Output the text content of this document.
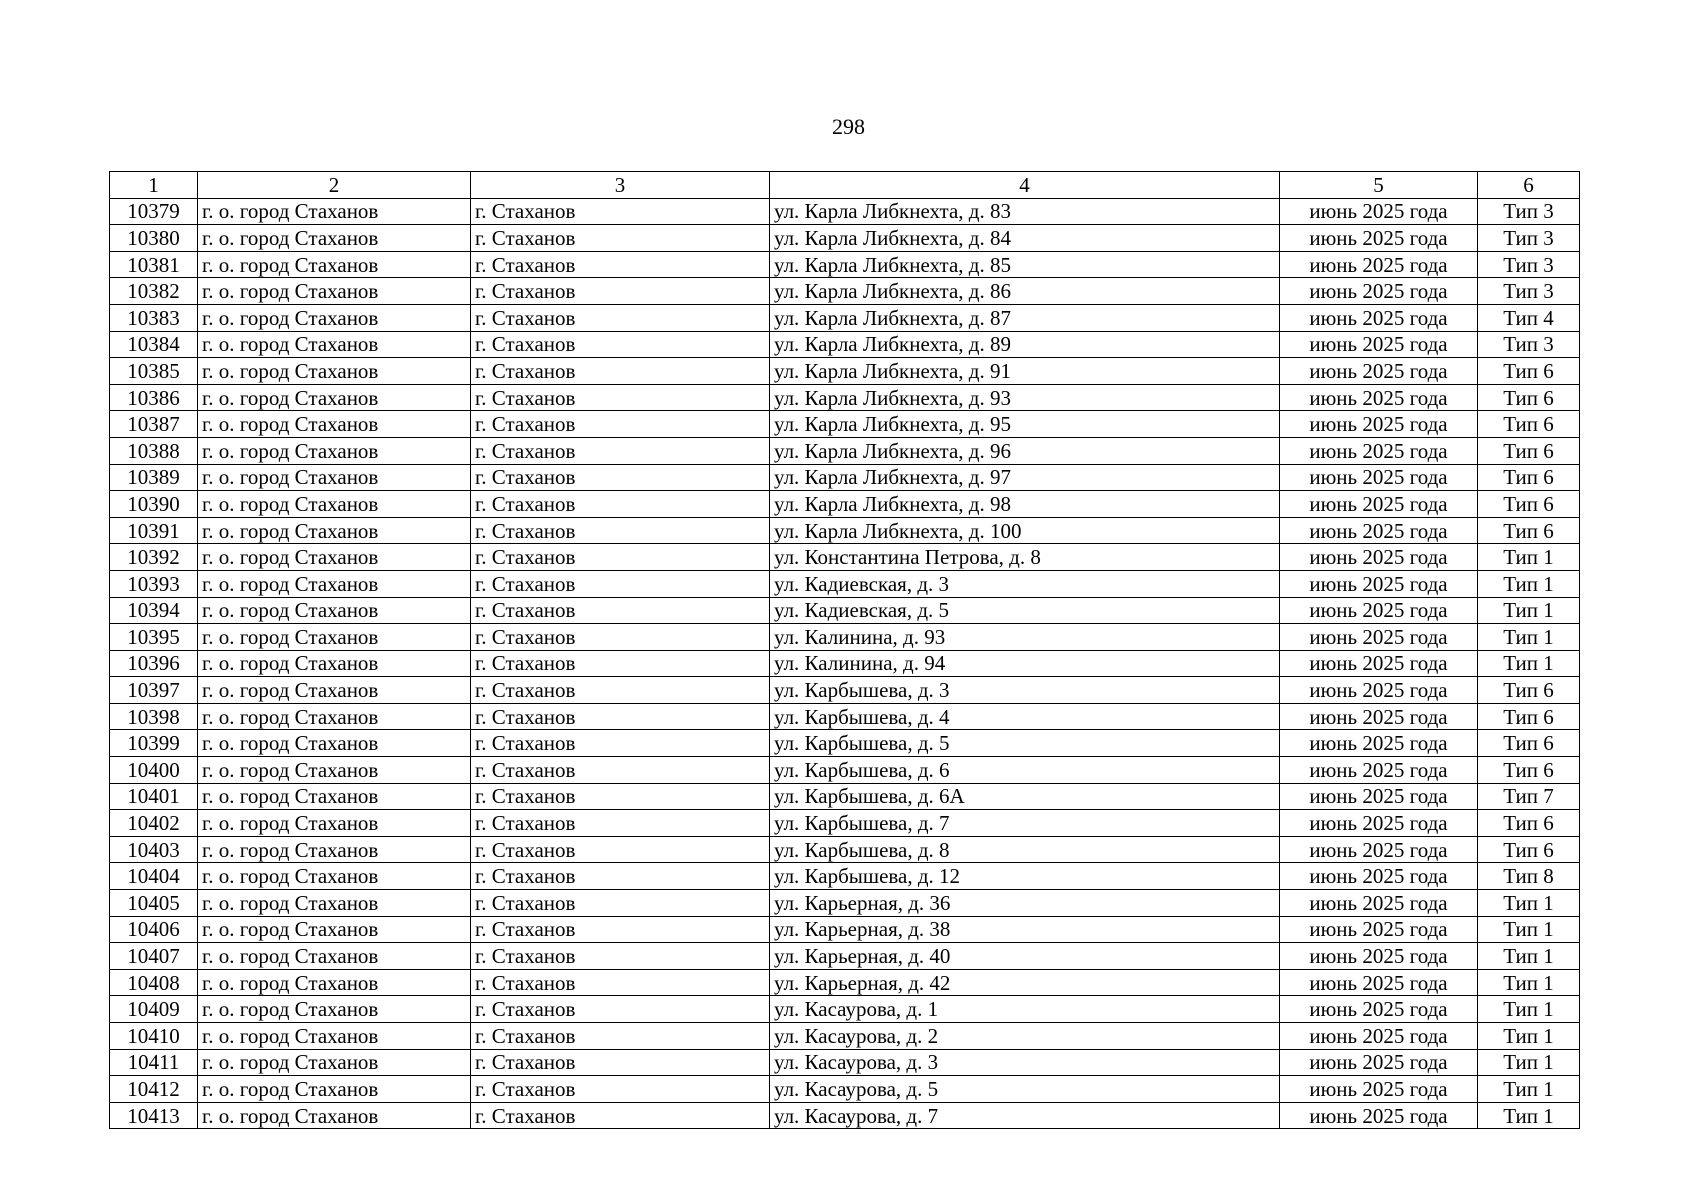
298
1	2	3	4	5	6
10379	г. о. город Стаханов	г. Стаханов	ул. Карла Либкнехта, д. 83	июнь 2025 года	Тип 3
10380	г. о. город Стаханов	г. Стаханов	ул. Карла Либкнехта, д. 84	июнь 2025 года	Тип 3
10381	г. о. город Стаханов	г. Стаханов	ул. Карла Либкнехта, д. 85	июнь 2025 года	Тип 3
10382	г. о. город Стаханов	г. Стаханов	ул. Карла Либкнехта, д. 86	июнь 2025 года	Тип 3
10383	г. о. город Стаханов	г. Стаханов	ул. Карла Либкнехта, д. 87	июнь 2025 года	Тип 4
10384	г. о. город Стаханов	г. Стаханов	ул. Карла Либкнехта, д. 89	июнь 2025 года	Тип 3
10385	г. о. город Стаханов	г. Стаханов	ул. Карла Либкнехта, д. 91	июнь 2025 года	Тип 6
10386	г. о. город Стаханов	г. Стаханов	ул. Карла Либкнехта, д. 93	июнь 2025 года	Тип 6
10387	г. о. город Стаханов	г. Стаханов	ул. Карла Либкнехта, д. 95	июнь 2025 года	Тип 6
10388	г. о. город Стаханов	г. Стаханов	ул. Карла Либкнехта, д. 96	июнь 2025 года	Тип 6
10389	г. о. город Стаханов	г. Стаханов	ул. Карла Либкнехта, д. 97	июнь 2025 года	Тип 6
10390	г. о. город Стаханов	г. Стаханов	ул. Карла Либкнехта, д. 98	июнь 2025 года	Тип 6
10391	г. о. город Стаханов	г. Стаханов	ул. Карла Либкнехта, д. 100	июнь 2025 года	Тип 6
10392	г. о. город Стаханов	г. Стаханов	ул. Константина Петрова, д. 8	июнь 2025 года	Тип 1
10393	г. о. город Стаханов	г. Стаханов	ул. Кадиевская, д. 3	июнь 2025 года	Тип 1
10394	г. о. город Стаханов	г. Стаханов	ул. Кадиевская, д. 5	июнь 2025 года	Тип 1
10395	г. о. город Стаханов	г. Стаханов	ул. Калинина, д. 93	июнь 2025 года	Тип 1
10396	г. о. город Стаханов	г. Стаханов	ул. Калинина, д. 94	июнь 2025 года	Тип 1
10397	г. о. город Стаханов	г. Стаханов	ул. Карбышева, д. 3	июнь 2025 года	Тип 6
10398	г. о. город Стаханов	г. Стаханов	ул. Карбышева, д. 4	июнь 2025 года	Тип 6
10399	г. о. город Стаханов	г. Стаханов	ул. Карбышева, д. 5	июнь 2025 года	Тип 6
10400	г. о. город Стаханов	г. Стаханов	ул. Карбышева, д. 6	июнь 2025 года	Тип 6
10401	г. о. город Стаханов	г. Стаханов	ул. Карбышева, д. 6А	июнь 2025 года	Тип 7
10402	г. о. город Стаханов	г. Стаханов	ул. Карбышева, д. 7	июнь 2025 года	Тип 6
10403	г. о. город Стаханов	г. Стаханов	ул. Карбышева, д. 8	июнь 2025 года	Тип 6
10404	г. о. город Стаханов	г. Стаханов	ул. Карбышева, д. 12	июнь 2025 года	Тип 8
10405	г. о. город Стаханов	г. Стаханов	ул. Карьерная, д. 36	июнь 2025 года	Тип 1
10406	г. о. город Стаханов	г. Стаханов	ул. Карьерная, д. 38	июнь 2025 года	Тип 1
10407	г. о. город Стаханов	г. Стаханов	ул. Карьерная, д. 40	июнь 2025 года	Тип 1
10408	г. о. город Стаханов	г. Стаханов	ул. Карьерная, д. 42	июнь 2025 года	Тип 1
10409	г. о. город Стаханов	г. Стаханов	ул. Касаурова, д. 1	июнь 2025 года	Тип 1
10410	г. о. город Стаханов	г. Стаханов	ул. Касаурова, д. 2	июнь 2025 года	Тип 1
10411	г. о. город Стаханов	г. Стаханов	ул. Касаурова, д. 3	июнь 2025 года	Тип 1
10412	г. о. город Стаханов	г. Стаханов	ул. Касаурова, д. 5	июнь 2025 года	Тип 1
10413	г. о. город Стаханов	г. Стаханов	ул. Касаурова, д. 7	июнь 2025 года	Тип 1
